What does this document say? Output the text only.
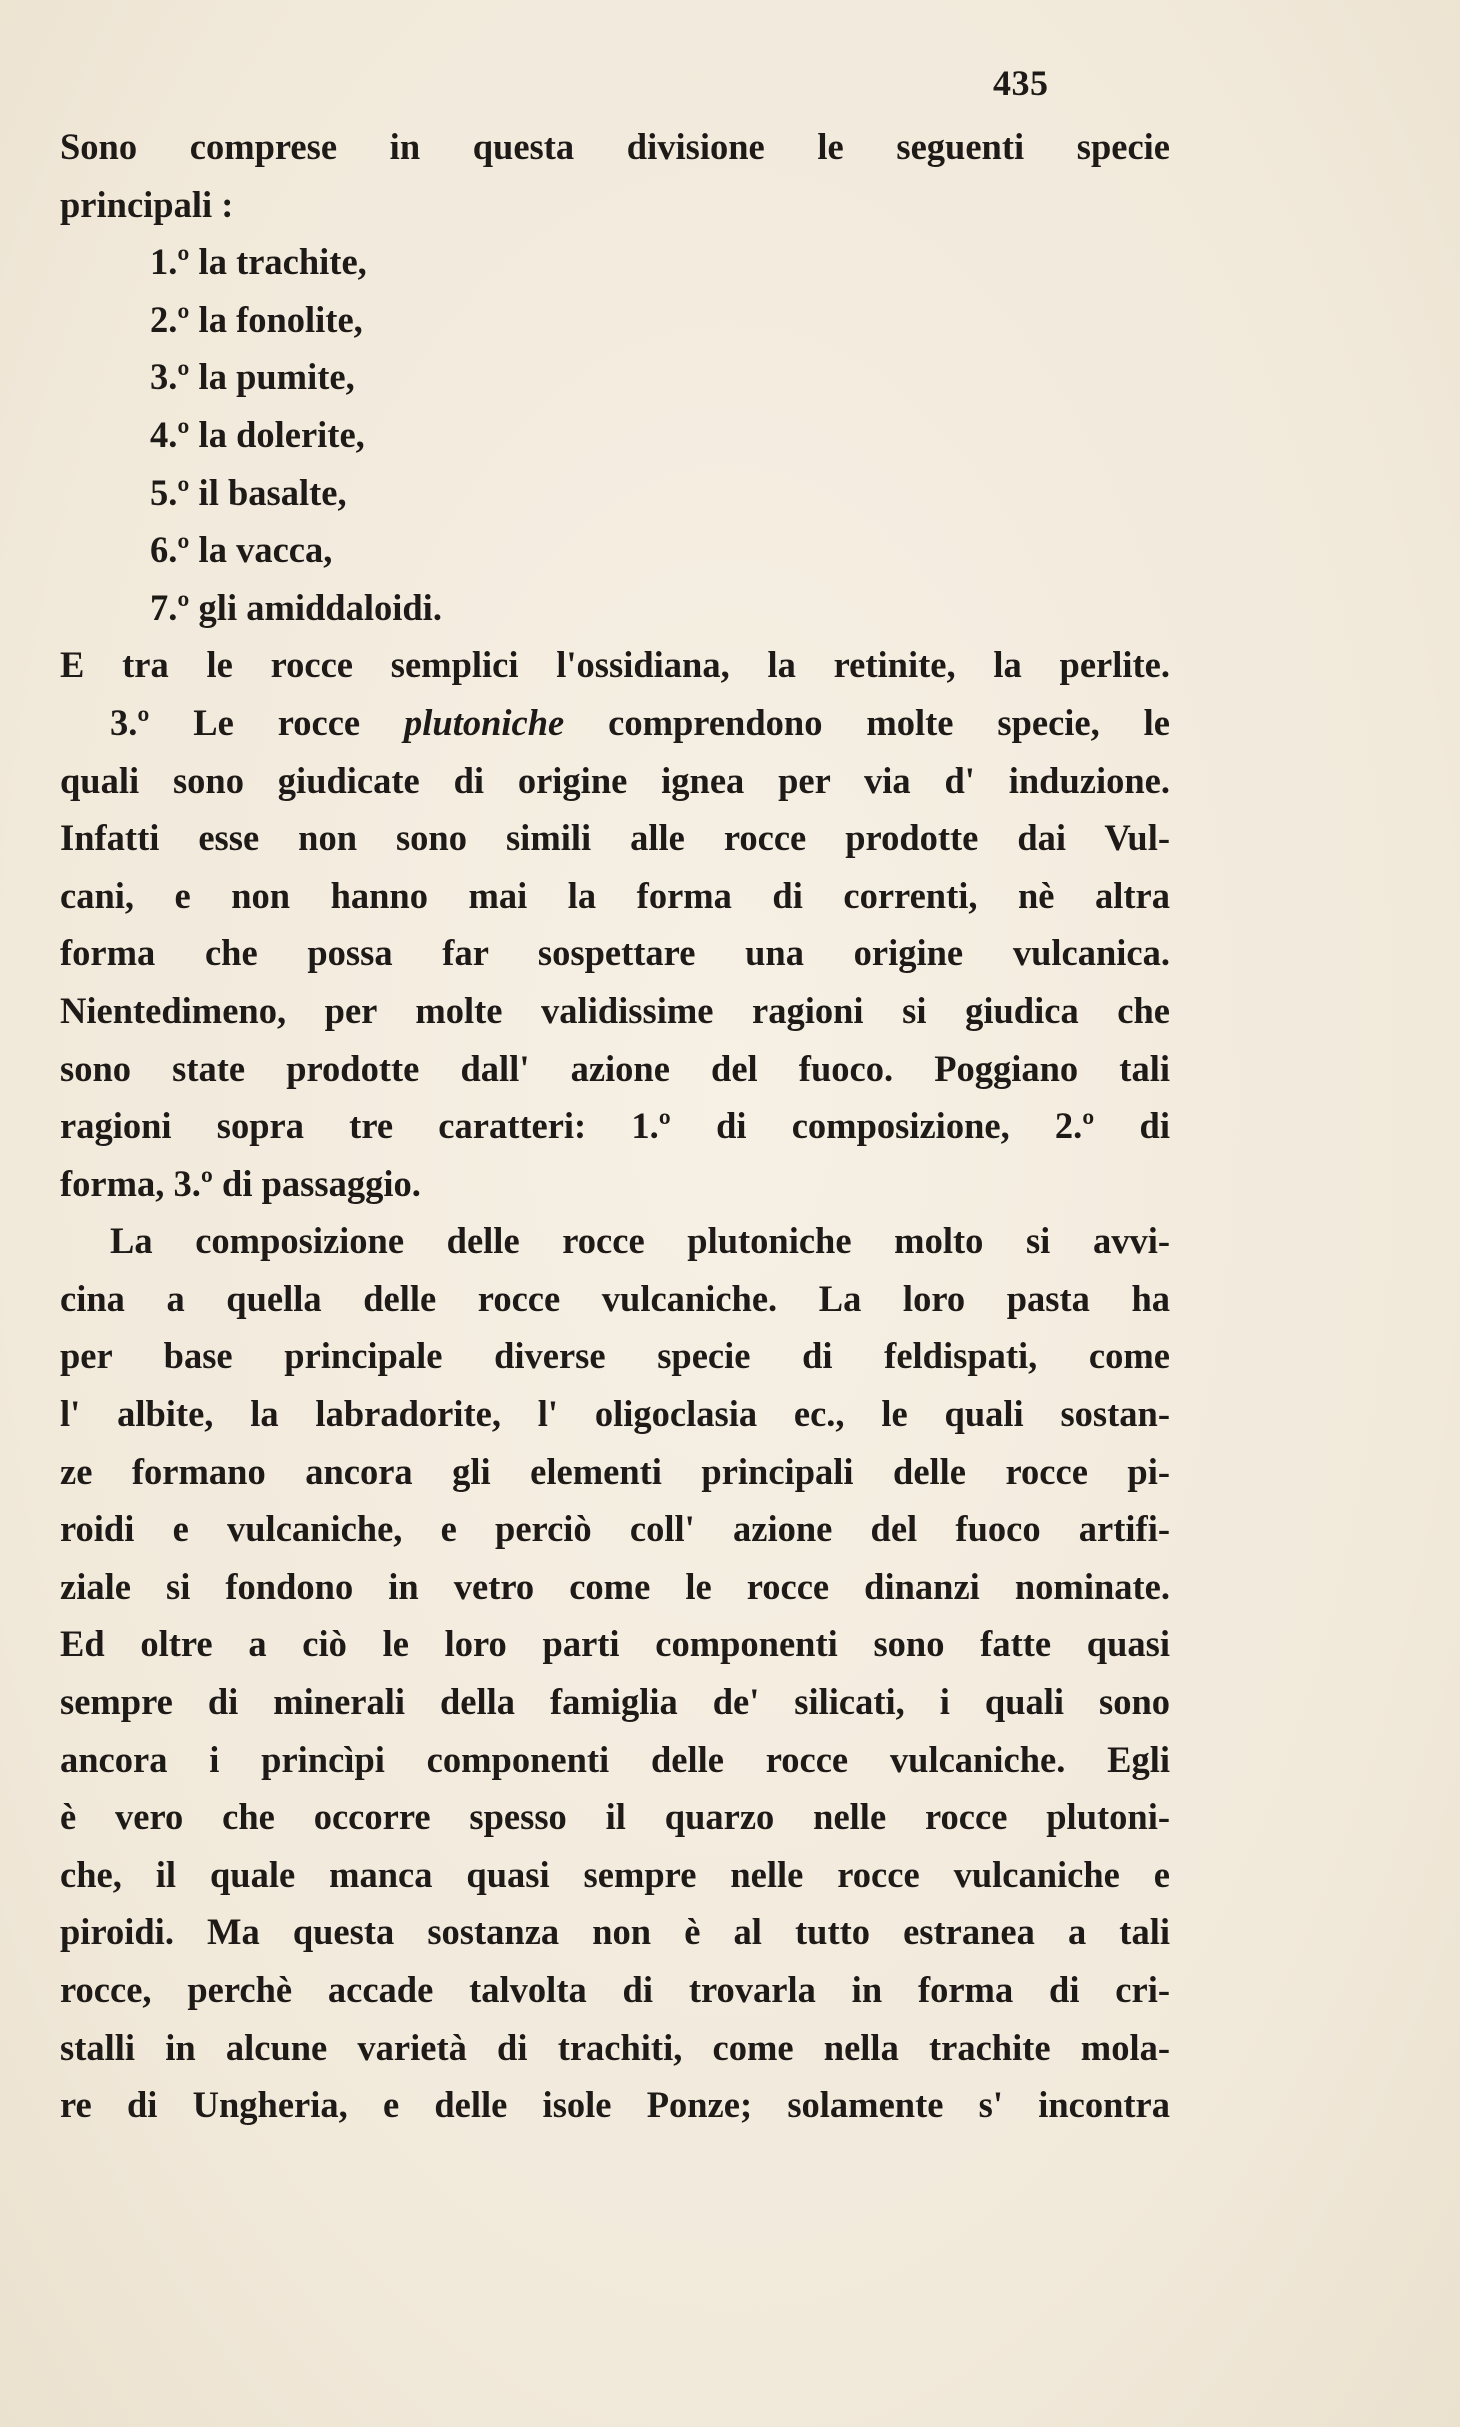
435
Sono comprese in questa divisione le seguenti specie
principali :
1.º la trachite,
2.º la fonolite,
3.º la pumite,
4.º la dolerite,
5.º il basalte,
6.º la vacca,
7.º gli amiddaloidi.
E tra le rocce semplici l'ossidiana, la retinite, la perlite.
3.º Le rocce plutoniche comprendono molte specie, le
quali sono giudicate di origine ignea per via d' induzione.
Infatti esse non sono simili alle rocce prodotte dai Vul-
cani, e non hanno mai la forma di correnti, nè altra
forma che possa far sospettare una origine vulcanica.
Nientedimeno, per molte validissime ragioni si giudica che
sono state prodotte dall' azione del fuoco. Poggiano tali
ragioni sopra tre caratteri: 1.º di composizione, 2.º di
forma, 3.º di passaggio.
La composizione delle rocce plutoniche molto si avvi-
cina a quella delle rocce vulcaniche. La loro pasta ha
per base principale diverse specie di feldispati, come
l' albite, la labradorite, l' oligoclasia ec., le quali sostan-
ze formano ancora gli elementi principali delle rocce pi-
roidi e vulcaniche, e perciò coll' azione del fuoco artifi-
ziale si fondono in vetro come le rocce dinanzi nominate.
Ed oltre a ciò le loro parti componenti sono fatte quasi
sempre di minerali della famiglia de' silicati, i quali sono
ancora i princìpi componenti delle rocce vulcaniche. Egli
è vero che occorre spesso il quarzo nelle rocce plutoni-
che, il quale manca quasi sempre nelle rocce vulcaniche e
piroidi. Ma questa sostanza non è al tutto estranea a tali
rocce, perchè accade talvolta di trovarla in forma di cri-
stalli in alcune varietà di trachiti, come nella trachite mola-
re di Ungheria, e delle isole Ponze; solamente s' incontra
